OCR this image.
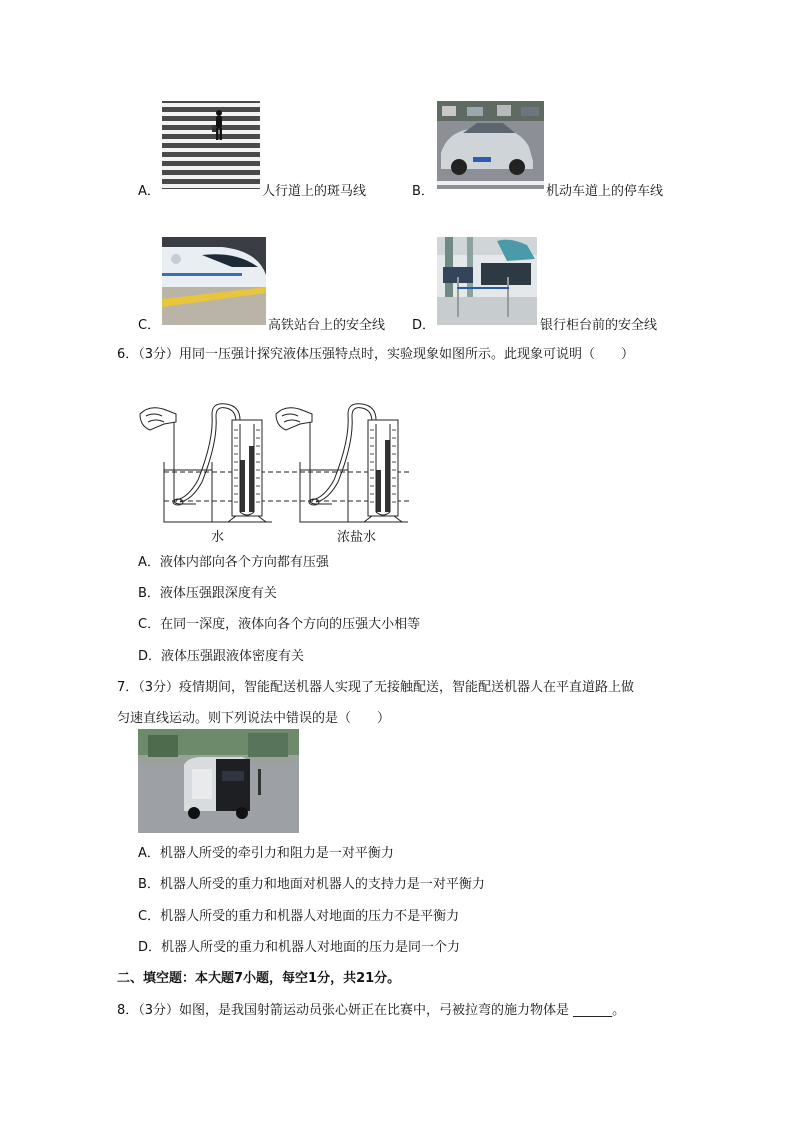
A．	人行道上的斑马线	B．	机动车道上的停车线
C．	高铁站台上的安全线 D．	银行柜台前的安全线
6．（3分）用同一压强计探究液体压强特点时，实验现象如图所示。此现象可说明（　　）
水	浓盐水
A．液体内部向各个方向都有压强
B．液体压强跟深度有关
C．在同一深度，液体向各个方向的压强大小相等
D．液体压强跟液体密度有关
7．（3分）疫情期间，智能配送机器人实现了无接触配送，智能配送机器人在平直道路上做
匀速直线运动。则下列说法中错误的是（　　）
A．机器人所受的牵引力和阻力是一对平衡力
B．机器人所受的重力和地面对机器人的支持力是一对平衡力
C．机器人所受的重力和机器人对地面的压力不是平衡力
D．机器人所受的重力和机器人对地面的压力是同一个力
二、填空题：本大题7小题，每空1分，共21分。
8．（3分）如图，是我国射箭运动员张心妍正在比赛中，弓被拉弯的施力物体是 ______。
